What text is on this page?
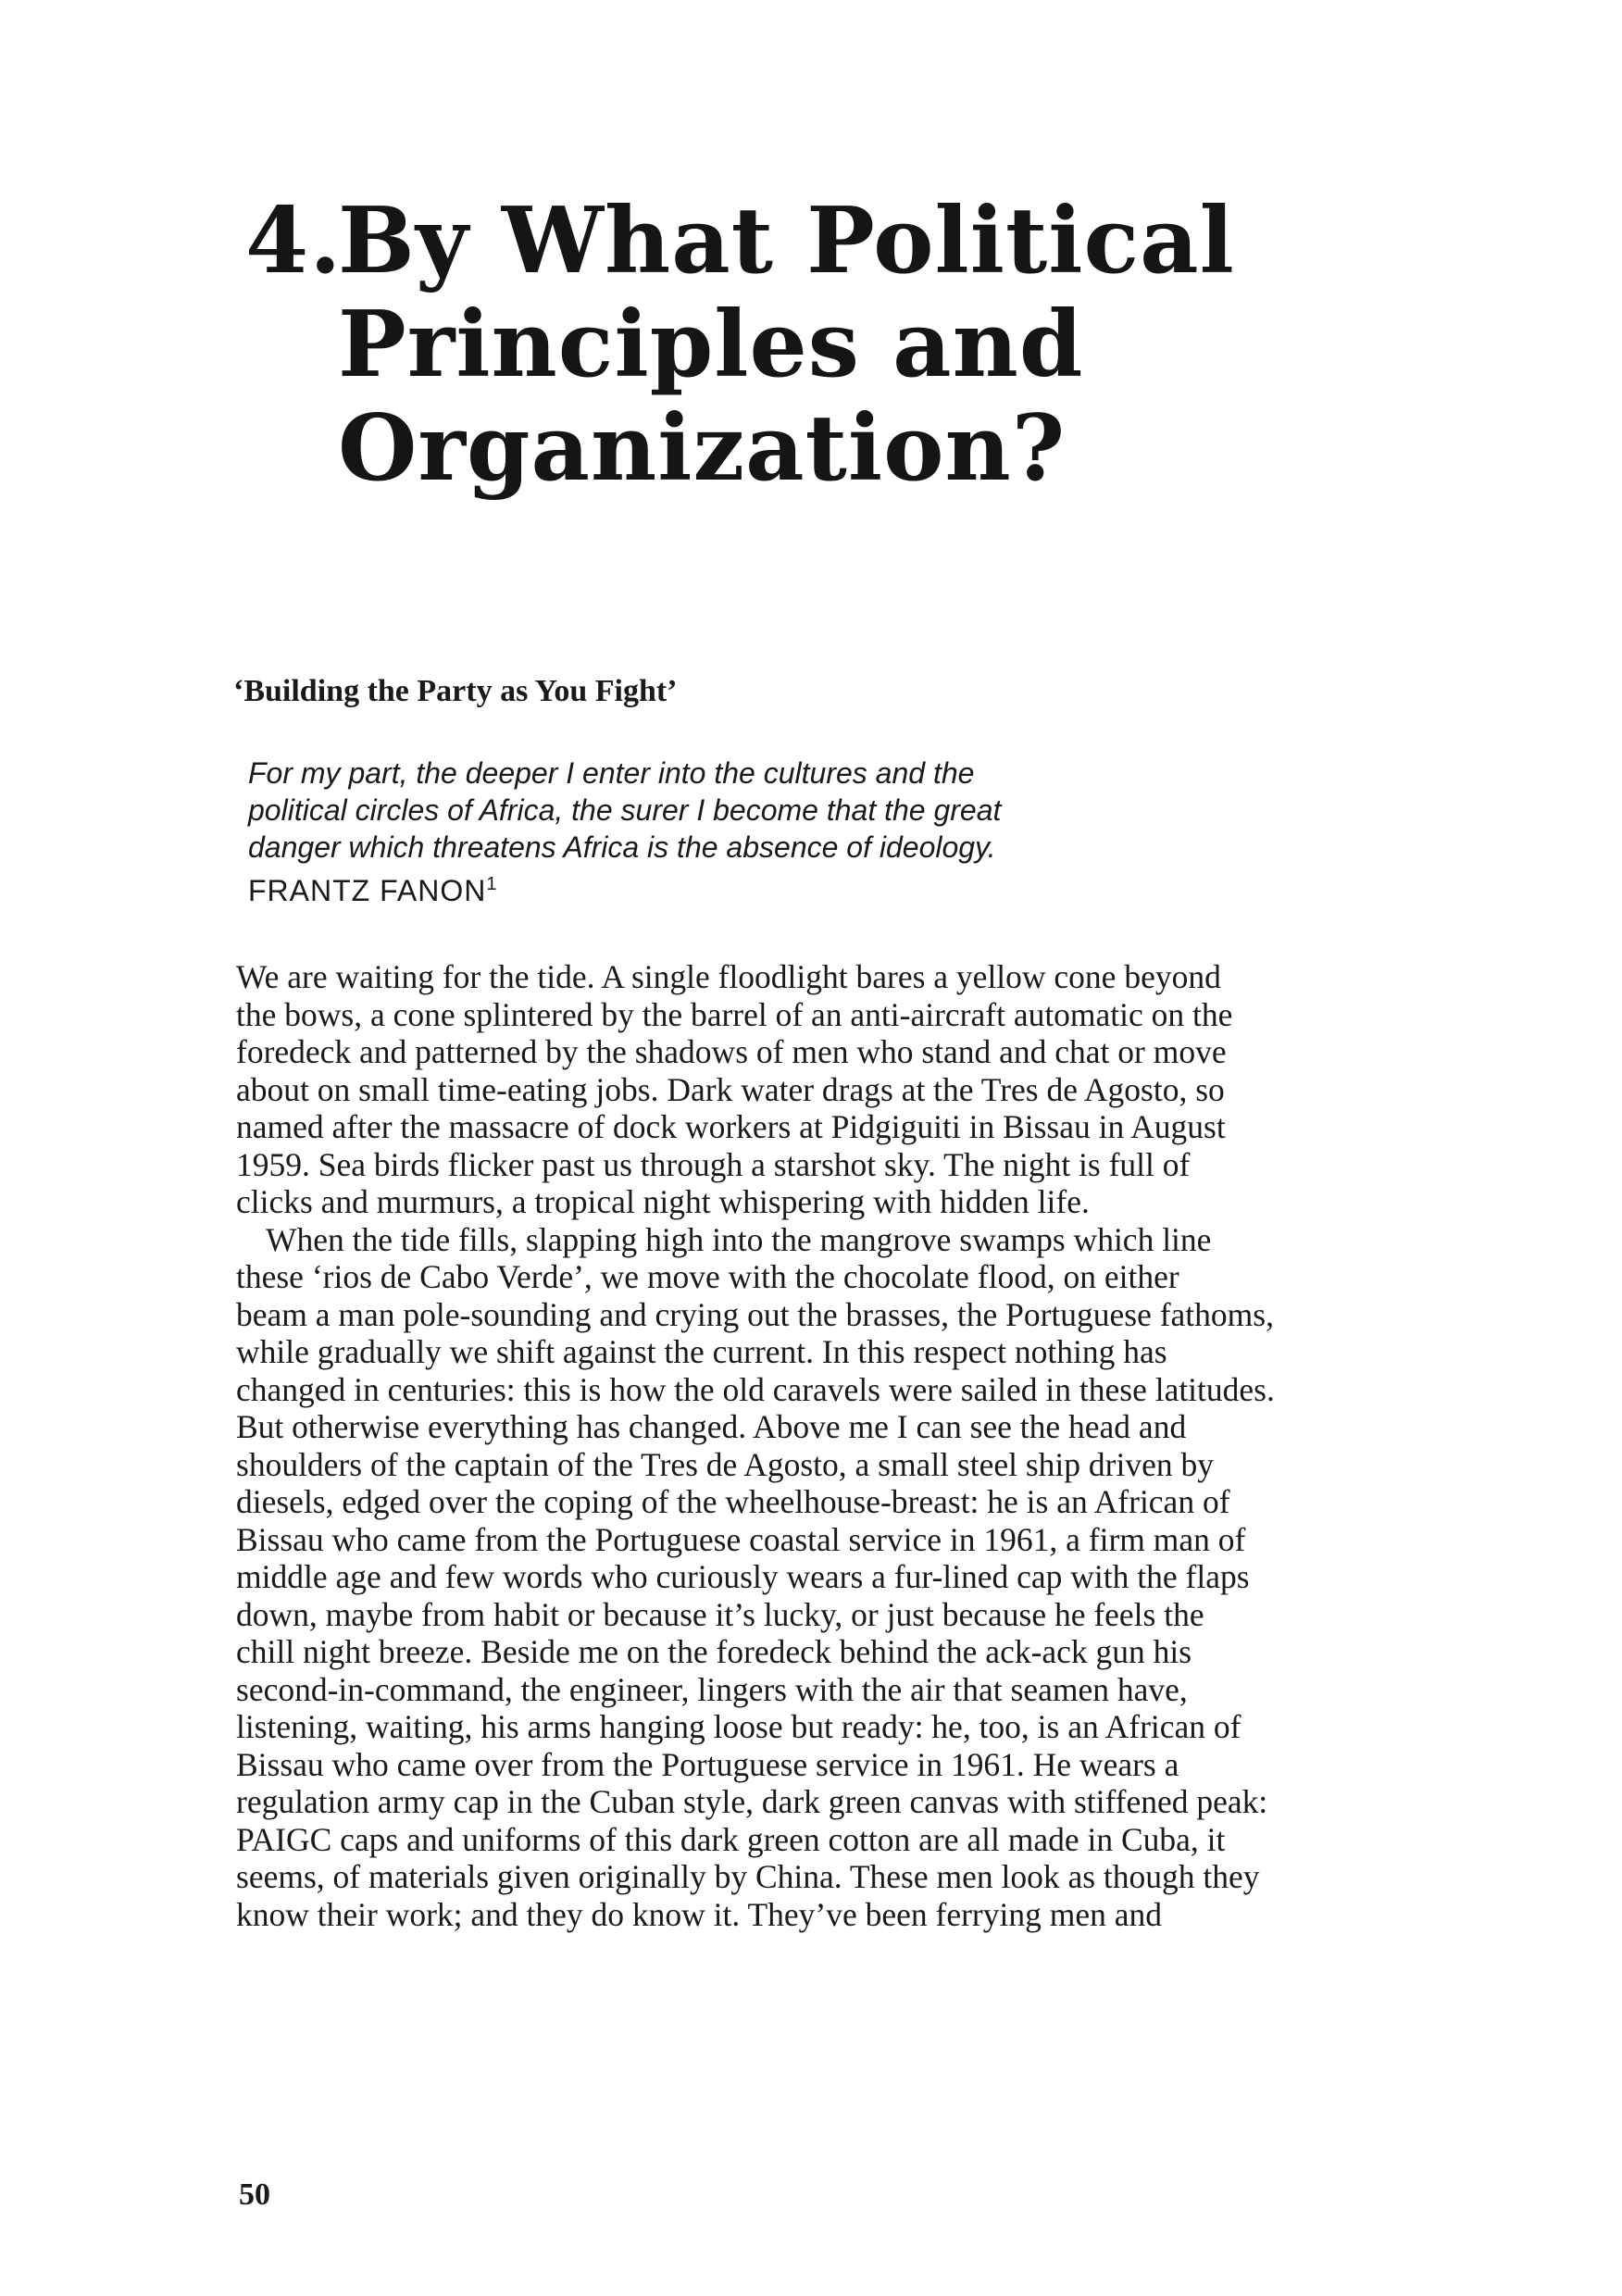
4.By What Political
Principles and
Organization?
‘Building the Party as You Fight’
For my part, the deeper I enter into the cultures and the
political circles of Africa, the surer I become that the great
danger which threatens Africa is the absence of ideology.
FRANTZ FANON$^1$
We are waiting for the tide. A single floodlight bares a yellow cone beyond
the bows, a cone splintered by the barrel of an anti-aircraft automatic on the
foredeck and patterned by the shadows of men who stand and chat or move
about on small time-eating jobs. Dark water drags at the Tres de Agosto, so
named after the massacre of dock workers at Pidgiguiti in Bissau in August
1959. Sea birds flicker past us through a starshot sky. The night is full of
clicks and murmurs, a tropical night whispering with hidden life.
When the tide fills, slapping high into the mangrove swamps which line
these ‘rios de Cabo Verde’, we move with the chocolate flood, on either
beam a man pole-sounding and crying out the brasses, the Portuguese fathoms,
while gradually we shift against the current. In this respect nothing has
changed in centuries: this is how the old caravels were sailed in these latitudes.
But otherwise everything has changed. Above me I can see the head and
shoulders of the captain of the Tres de Agosto, a small steel ship driven by
diesels, edged over the coping of the wheelhouse-breast: he is an African of
Bissau who came from the Portuguese coastal service in 1961, a firm man of
middle age and few words who curiously wears a fur-lined cap with the flaps
down, maybe from habit or because it’s lucky, or just because he feels the
chill night breeze. Beside me on the foredeck behind the ack-ack gun his
second-in-command, the engineer, lingers with the air that seamen have,
listening, waiting, his arms hanging loose but ready: he, too, is an African of
Bissau who came over from the Portuguese service in 1961. He wears a
regulation army cap in the Cuban style, dark green canvas with stiffened peak:
PAIGC caps and uniforms of this dark green cotton are all made in Cuba, it
seems, of materials given originally by China. These men look as though they
know their work; and they do know it. They’ve been ferrying men and
50
